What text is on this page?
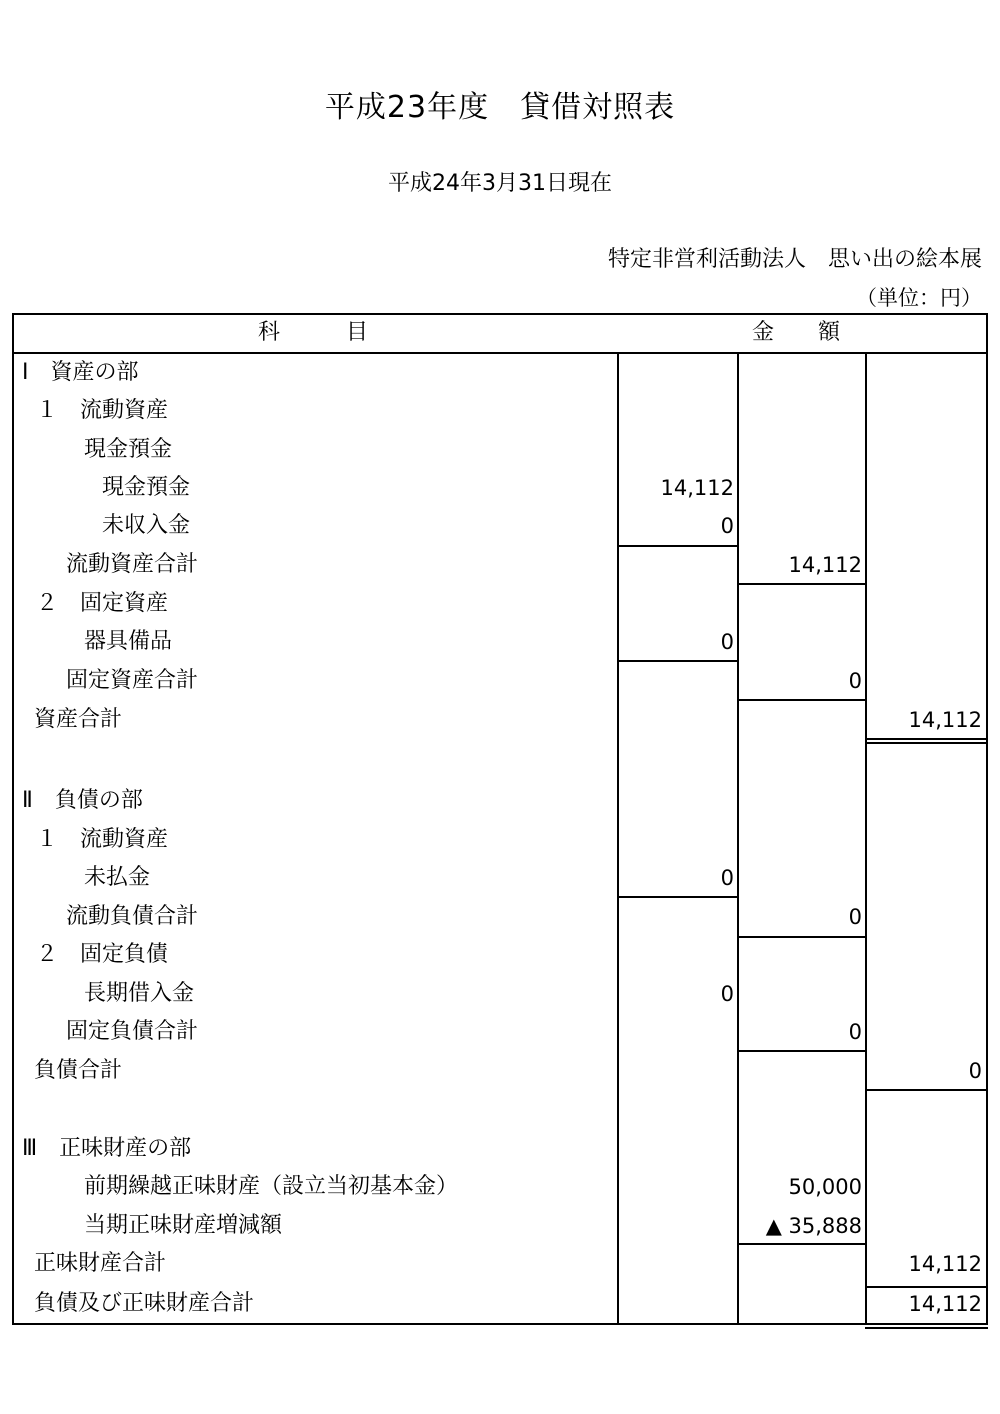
平成23年度　貸借対照表
平成24年3月31日現在
特定非営利活動法人　思い出の絵本展
（単位：円）
科　　　目	金　　額
Ⅰ　資産の部
１　流動資産
現金預金
現金預金
未収入金
流動資産合計
２　固定資産
器具備品
固定資産合計
資産合計
Ⅱ　負債の部
１　流動資産
未払金
流動負債合計
２　固定負債
長期借入金
固定負債合計
負債合計
Ⅲ　正味財産の部
前期繰越正味財産（設立当初基本金）
当期正味財産増減額
正味財産合計
負債及び正味財産合計
14,112
0
14,112
0
0
14,112
0
0
0
0
0
50,000
▲ 35,888
14,112
14,112
